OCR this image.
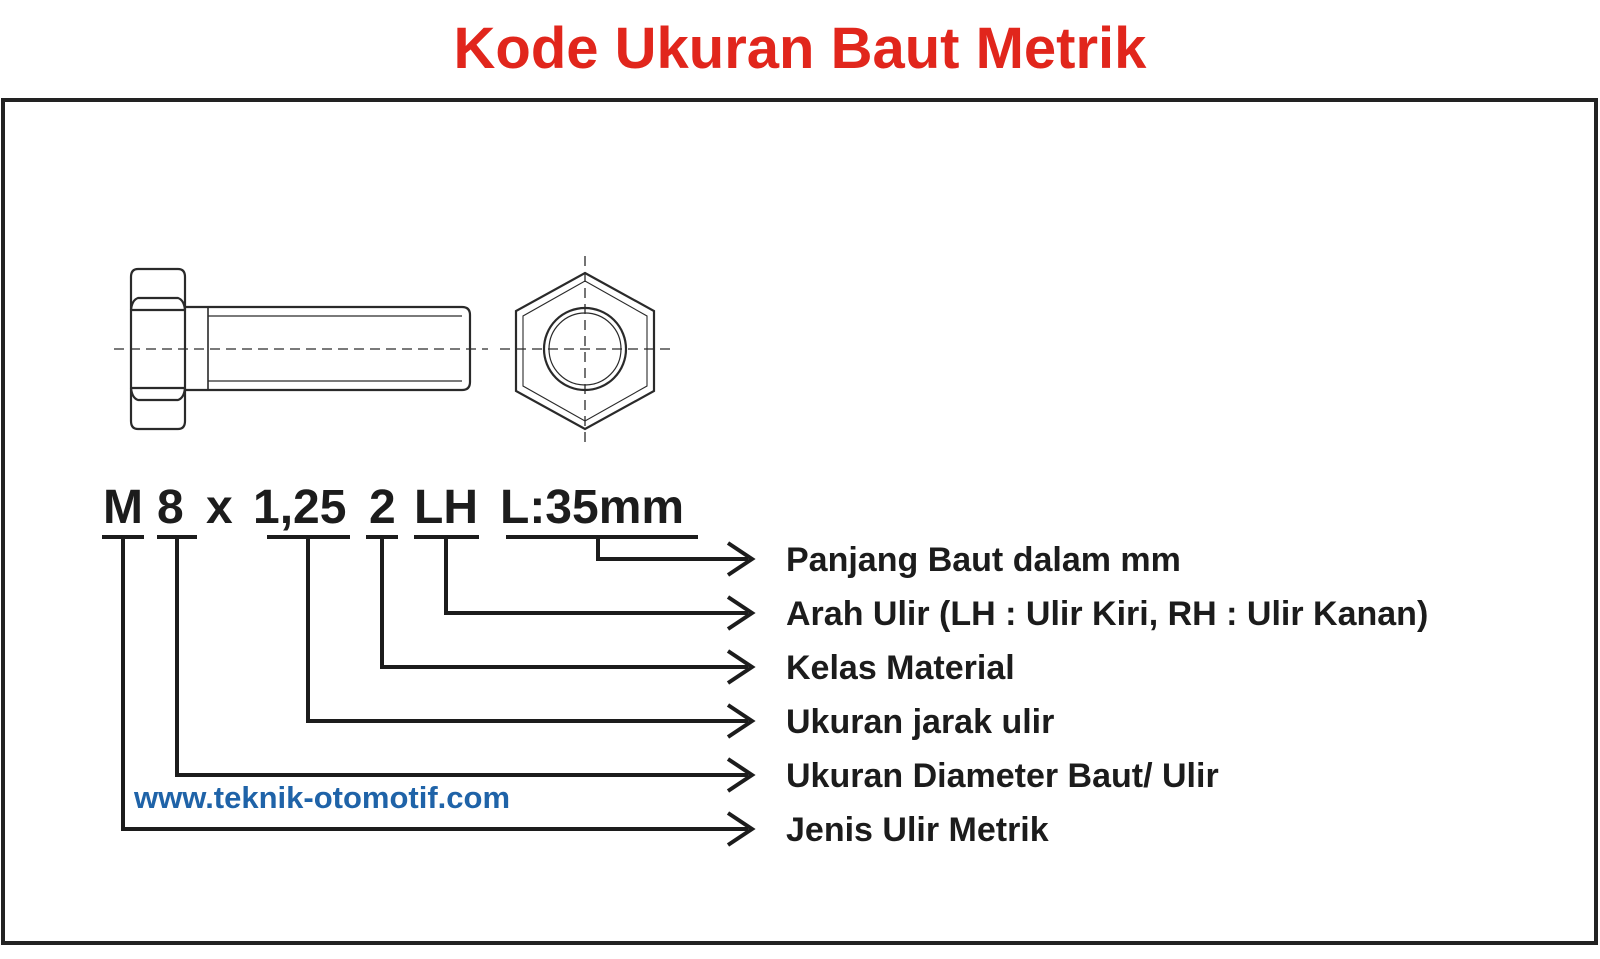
Kode Ukuran Baut Metrik
M 8 x 1,25 2 LH L:35mm
Panjang Baut dalam mm
Arah Ulir (LH : Ulir Kiri, RH : Ulir Kanan)
Kelas Material
Ukuran jarak ulir
Ukuran Diameter Baut/ Ulir
Jenis Ulir Metrik
www.teknik-otomotif.com
